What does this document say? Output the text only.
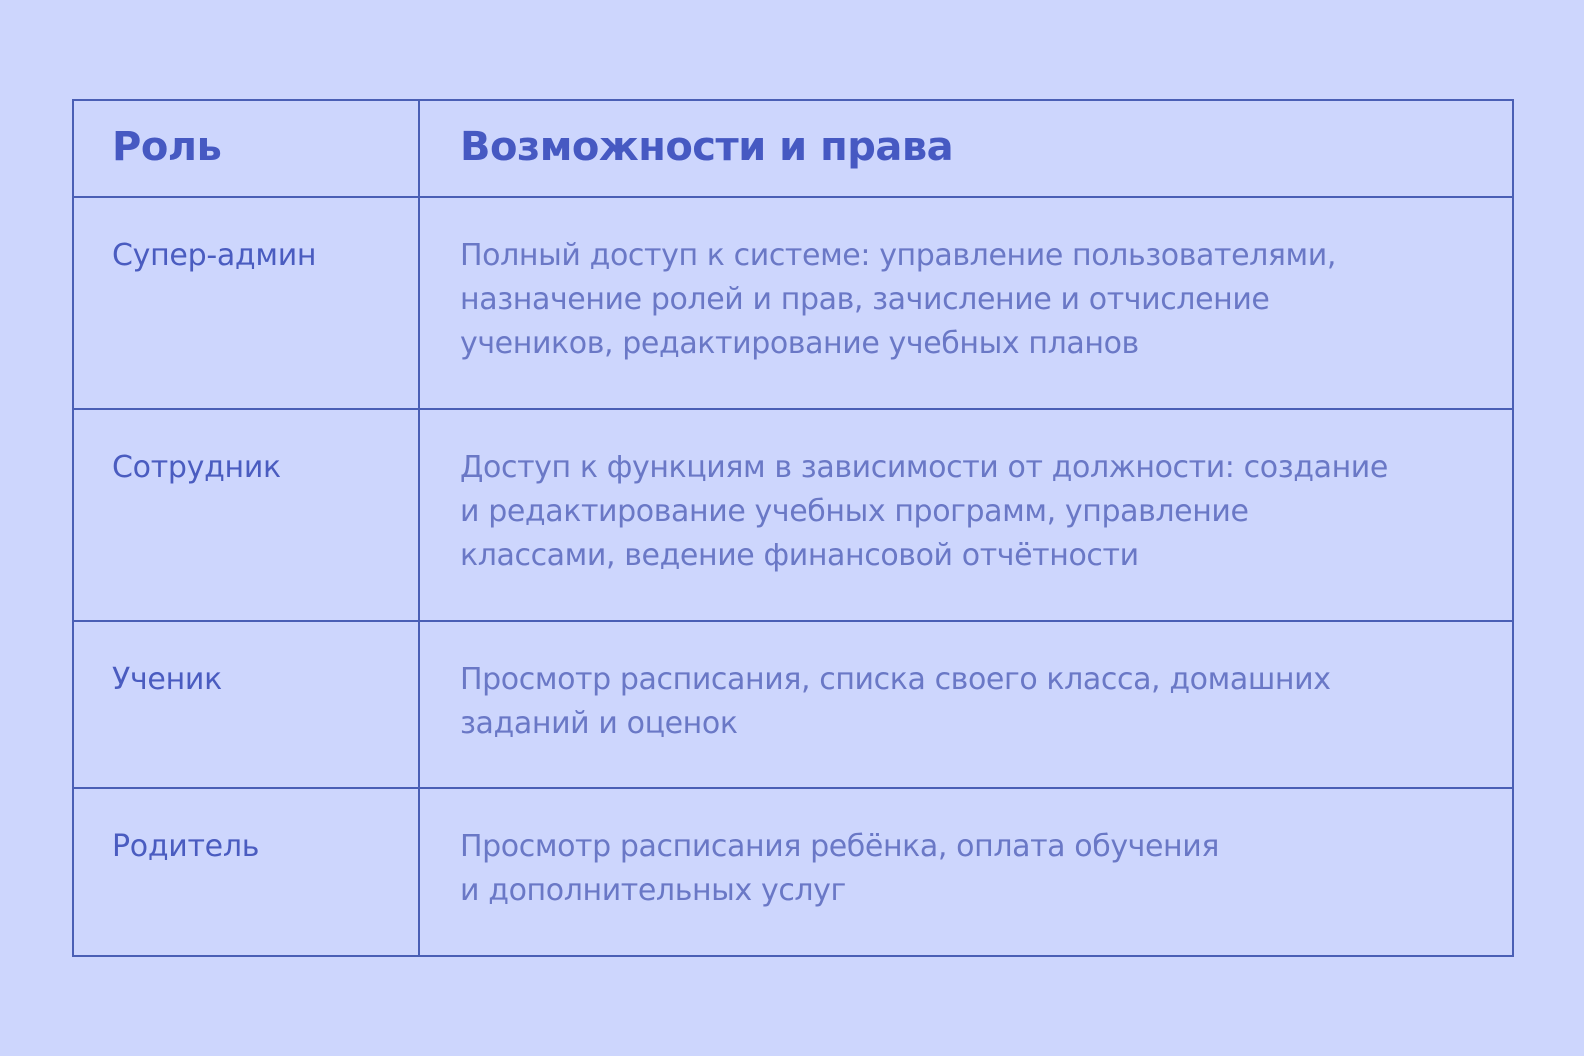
Роль	Возможности и права

Супер-админ	Полный доступ к системе: управление пользователями,
назначение ролей и прав, зачисление и отчисление
учеников, редактирование учебных планов

Сотрудник	Доступ к функциям в зависимости от должности: создание
и редактирование учебных программ, управление
классами, ведение финансовой отчётности

Ученик	Просмотр расписания, списка своего класса, домашних
заданий и оценок

Родитель	Просмотр расписания ребёнка, оплата обучения
и дополнительных услуг
